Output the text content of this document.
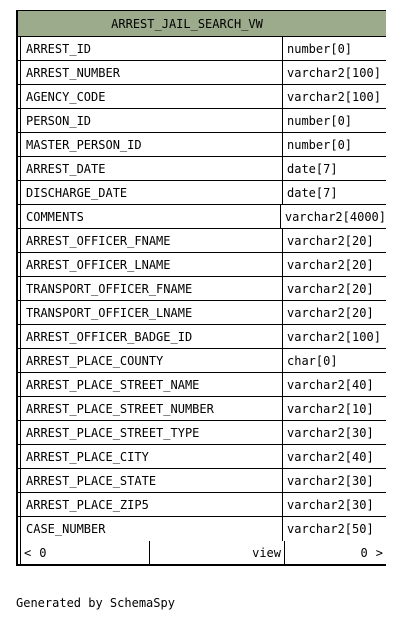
ARREST_JAIL_SEARCH_VW
ARREST_ID	number[0]
ARREST_NUMBER	varchar2[100]
AGENCY_CODE	varchar2[100]
PERSON_ID	number[0]
MASTER_PERSON_ID	number[0]
ARREST_DATE	date[7]
DISCHARGE_DATE	date[7]
COMMENTS	varchar2[4000]
ARREST_OFFICER_FNAME	varchar2[20]
ARREST_OFFICER_LNAME	varchar2[20]
TRANSPORT_OFFICER_FNAME	varchar2[20]
TRANSPORT_OFFICER_LNAME	varchar2[20]
ARREST_OFFICER_BADGE_ID	varchar2[100]
ARREST_PLACE_COUNTY	char[0]
ARREST_PLACE_STREET_NAME	varchar2[40]
ARREST_PLACE_STREET_NUMBER	varchar2[10]
ARREST_PLACE_STREET_TYPE	varchar2[30]
ARREST_PLACE_CITY	varchar2[40]
ARREST_PLACE_STATE	varchar2[30]
ARREST_PLACE_ZIP5	varchar2[30]
CASE_NUMBER	varchar2[50]
< 0	view	0 >
Generated by SchemaSpy
